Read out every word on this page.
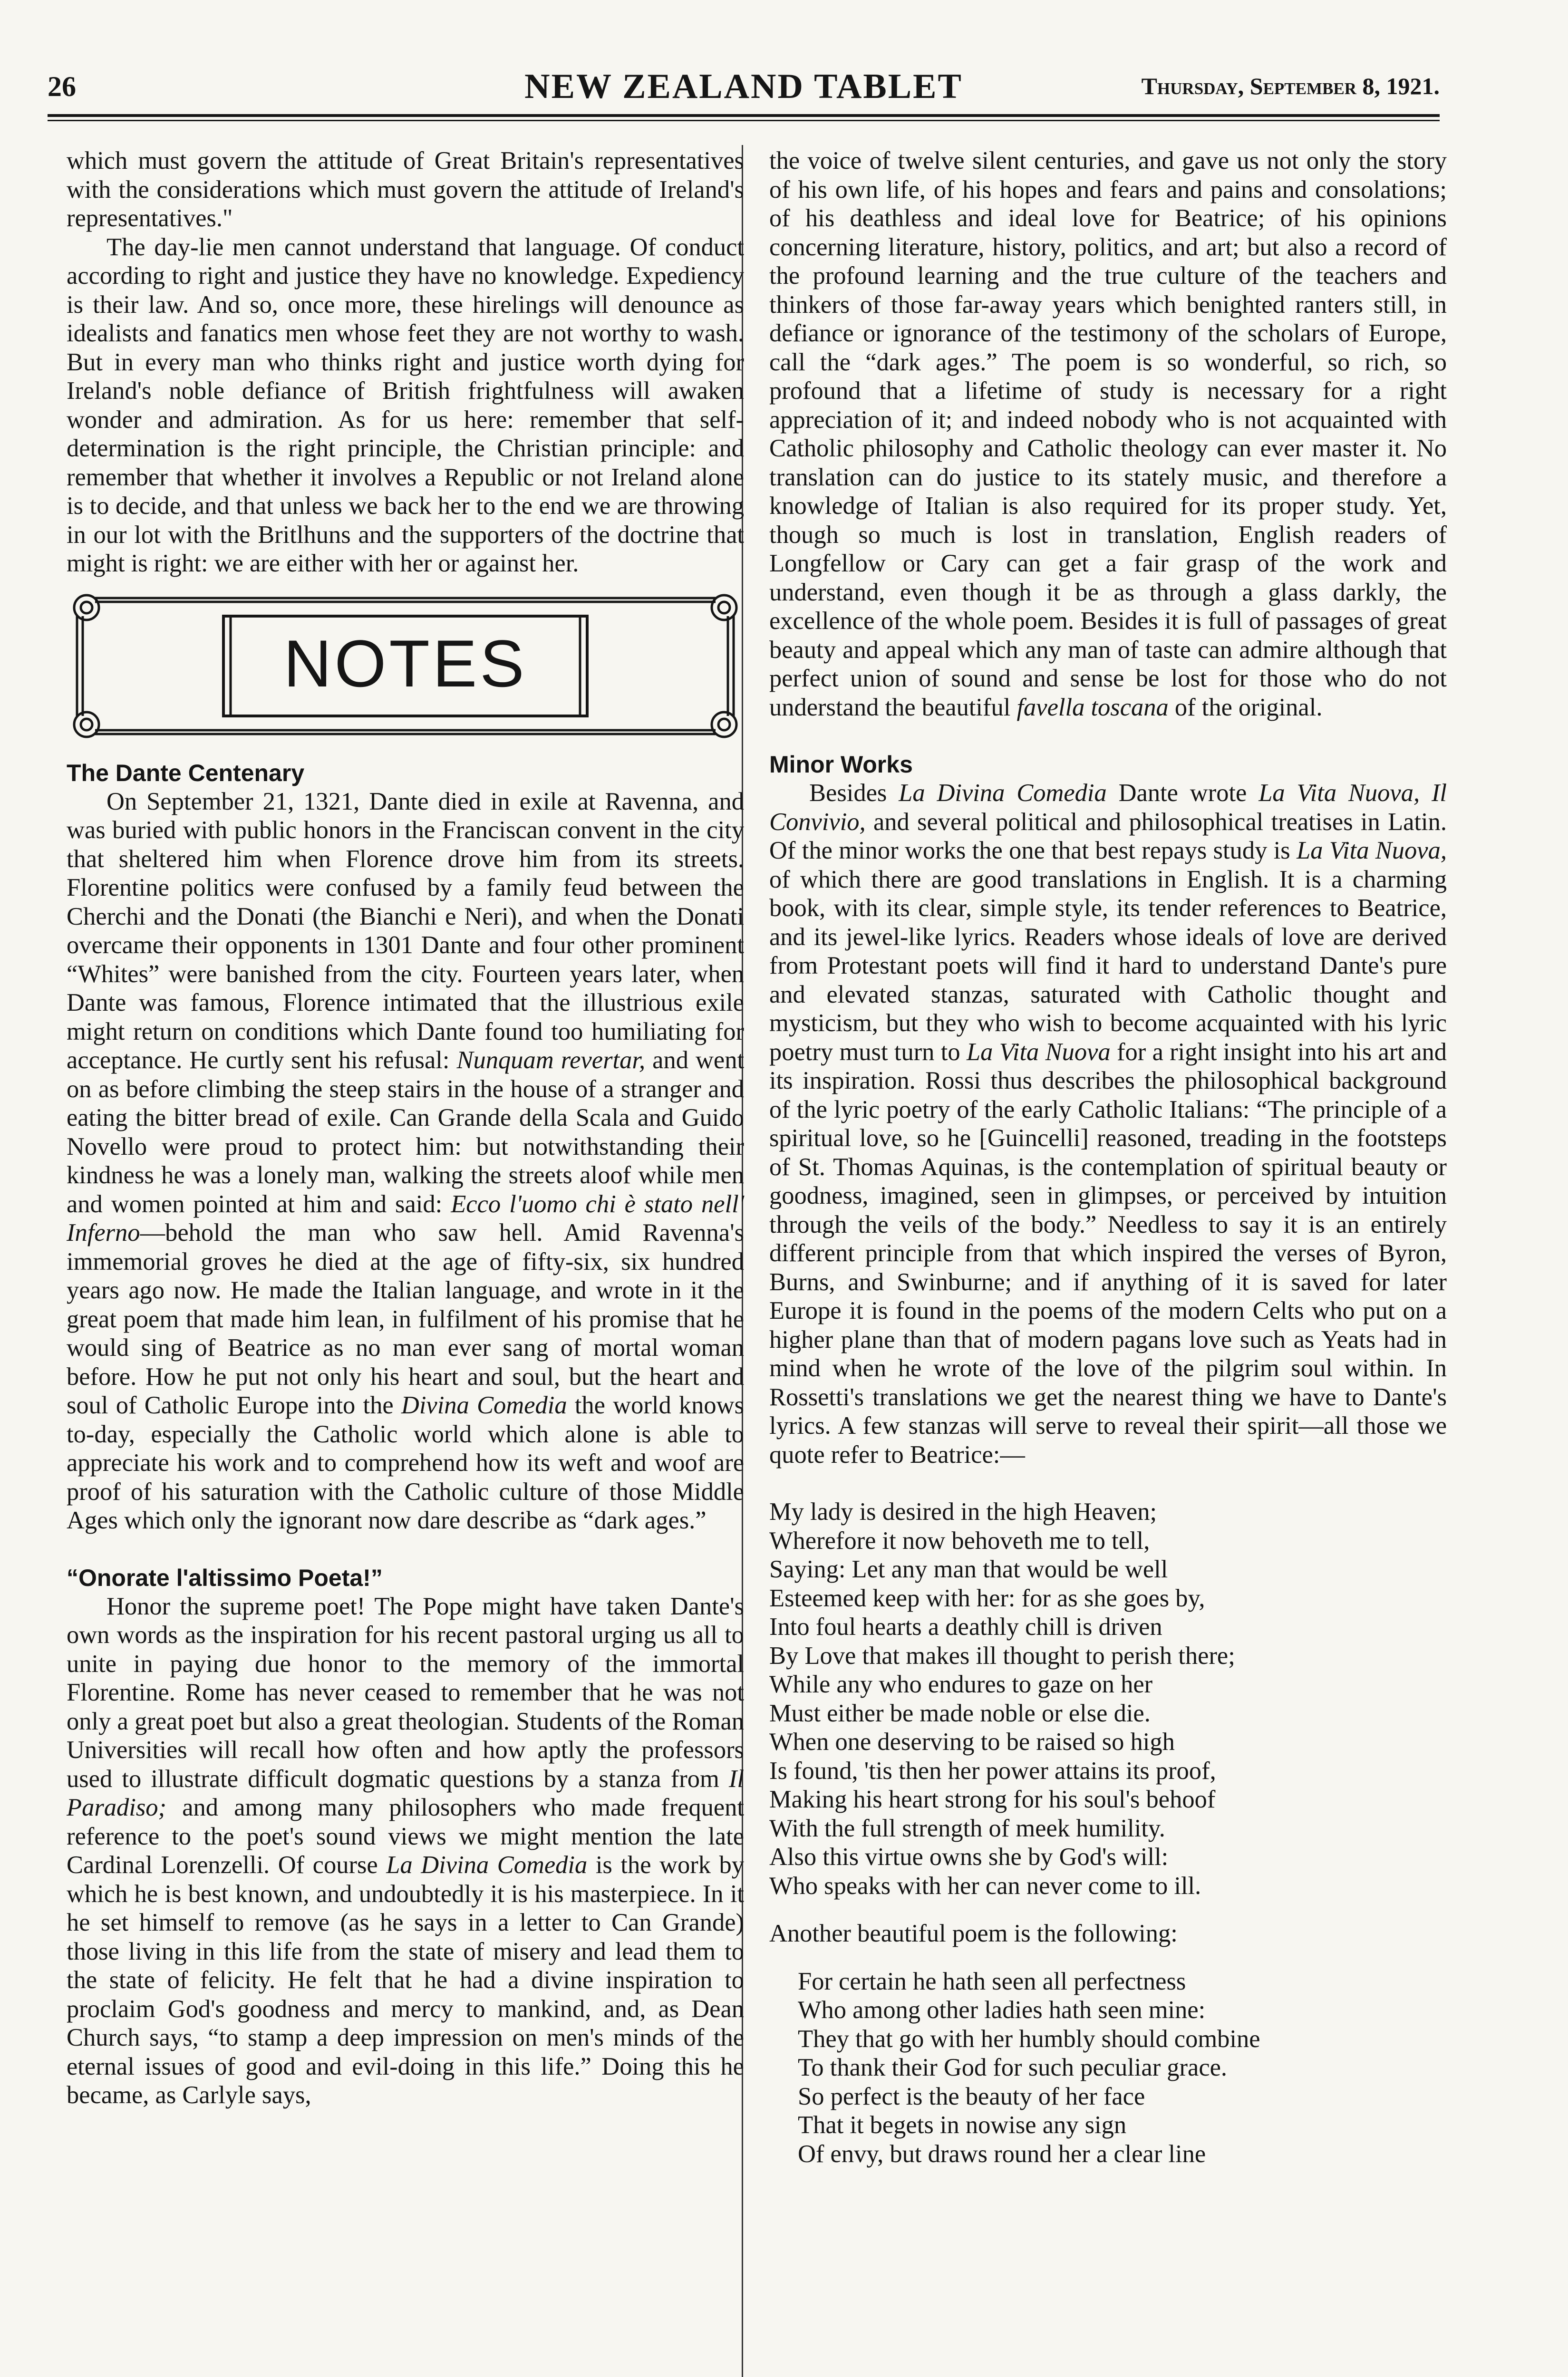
26	NEW ZEALAND TABLET	Thursday, September 8, 1921.

which must govern the attitude of Great Britain's representatives with the considerations which must govern the attitude of Ireland's representatives."

The day-lie men cannot understand that language. Of conduct according to right and justice they have no knowledge. Expediency is their law. And so, once more, these hirelings will denounce as idealists and fanatics men whose feet they are not worthy to wash. But in every man who thinks right and justice worth dying for Ireland's noble defiance of British frightfulness will awaken wonder and admiration. As for us here: remember that self-determination is the right principle, the Christian principle: and remember that whether it involves a Republic or not Ireland alone is to decide, and that unless we back her to the end we are throwing in our lot with the Britlhuns and the supporters of the doctrine that might is right: we are either with her or against her.

NOTES
The Dante Centenary

On September 21, 1321, Dante died in exile at Ravenna, and was buried with public honors in the Franciscan convent in the city that sheltered him when Florence drove him from its streets. Florentine politics were confused by a family feud between the Cherchi and the Donati (the Bianchi e Neri), and when the Donati overcame their opponents in 1301 Dante and four other prominent “Whites” were banished from the city. Fourteen years later, when Dante was famous, Florence intimated that the illustrious exile might return on conditions which Dante found too humiliating for acceptance. He curtly sent his refusal: Nunquam revertar, and went on as before climbing the steep stairs in the house of a stranger and eating the bitter bread of exile. Can Grande della Scala and Guido Novello were proud to protect him: but notwithstanding their kindness he was a lonely man, walking the streets aloof while men and women pointed at him and said: Ecco l'uomo chi è stato nell' Inferno—behold the man who saw hell. Amid Ravenna's immemorial groves he died at the age of fifty-six, six hundred years ago now. He made the Italian language, and wrote in it the great poem that made him lean, in fulfilment of his promise that he would sing of Beatrice as no man ever sang of mortal woman before. How he put not only his heart and soul, but the heart and soul of Catholic Europe into the Divina Comedia the world knows to-day, especially the Catholic world which alone is able to appreciate his work and to comprehend how its weft and woof are proof of his saturation with the Catholic culture of those Middle Ages which only the ignorant now dare describe as “dark ages.”

“Onorate l'altissimo Poeta!”

Honor the supreme poet! The Pope might have taken Dante's own words as the inspiration for his recent pastoral urging us all to unite in paying due honor to the memory of the immortal Florentine. Rome has never ceased to remember that he was not only a great poet but also a great theologian. Students of the Roman Universities will recall how often and how aptly the professors used to illustrate difficult dogmatic questions by a stanza from Il Paradiso; and among many philosophers who made frequent reference to the poet's sound views we might mention the late Cardinal Lorenzelli. Of course La Divina Comedia is the work by which he is best known, and undoubtedly it is his masterpiece. In it he set himself to remove (as he says in a letter to Can Grande) those living in this life from the state of misery and lead them to the state of felicity. He felt that he had a divine inspiration to proclaim God's goodness and mercy to mankind, and, as Dean Church says, “to stamp a deep impression on men's minds of the eternal issues of good and evil-doing in this life.” Doing this he became, as Carlyle says,

the voice of twelve silent centuries, and gave us not only the story of his own life, of his hopes and fears and pains and consolations; of his deathless and ideal love for Beatrice; of his opinions concerning literature, history, politics, and art; but also a record of the profound learning and the true culture of the teachers and thinkers of those far-away years which benighted ranters still, in defiance or ignorance of the testimony of the scholars of Europe, call the “dark ages.” The poem is so wonderful, so rich, so profound that a lifetime of study is necessary for a right appreciation of it; and indeed nobody who is not acquainted with Catholic philosophy and Catholic theology can ever master it. No translation can do justice to its stately music, and therefore a knowledge of Italian is also required for its proper study. Yet, though so much is lost in translation, English readers of Longfellow or Cary can get a fair grasp of the work and understand, even though it be as through a glass darkly, the excellence of the whole poem. Besides it is full of passages of great beauty and appeal which any man of taste can admire although that perfect union of sound and sense be lost for those who do not understand the beautiful favella toscana of the original.

Minor Works

Besides La Divina Comedia Dante wrote La Vita Nuova, Il Convivio, and several political and philosophical treatises in Latin. Of the minor works the one that best repays study is La Vita Nuova, of which there are good translations in English. It is a charming book, with its clear, simple style, its tender references to Beatrice, and its jewel-like lyrics. Readers whose ideals of love are derived from Protestant poets will find it hard to understand Dante's pure and elevated stanzas, saturated with Catholic thought and mysticism, but they who wish to become acquainted with his lyric poetry must turn to La Vita Nuova for a right insight into his art and its inspiration. Rossi thus describes the philosophical background of the lyric poetry of the early Catholic Italians: “The principle of a spiritual love, so he [Guincelli] reasoned, treading in the footsteps of St. Thomas Aquinas, is the contemplation of spiritual beauty or goodness, imagined, seen in glimpses, or perceived by intuition through the veils of the body.” Needless to say it is an entirely different principle from that which inspired the verses of Byron, Burns, and Swinburne; and if anything of it is saved for later Europe it is found in the poems of the modern Celts who put on a higher plane than that of modern pagans love such as Yeats had in mind when he wrote of the love of the pilgrim soul within. In Rossetti's translations we get the nearest thing we have to Dante's lyrics. A few stanzas will serve to reveal their spirit—all those we quote refer to Beatrice:—

My lady is desired in the high Heaven;
Wherefore it now behoveth me to tell,
Saying: Let any man that would be well
Esteemed keep with her: for as she goes by,
Into foul hearts a deathly chill is driven
By Love that makes ill thought to perish there;
While any who endures to gaze on her
Must either be made noble or else die.
When one deserving to be raised so high
Is found, 'tis then her power attains its proof,
Making his heart strong for his soul's behoof
With the full strength of meek humility.
Also this virtue owns she by God's will:
Who speaks with her can never come to ill.

Another beautiful poem is the following:

For certain he hath seen all perfectness
Who among other ladies hath seen mine:
They that go with her humbly should combine
To thank their God for such peculiar grace.
So perfect is the beauty of her face
That it begets in nowise any sign
Of envy, but draws round her a clear line
